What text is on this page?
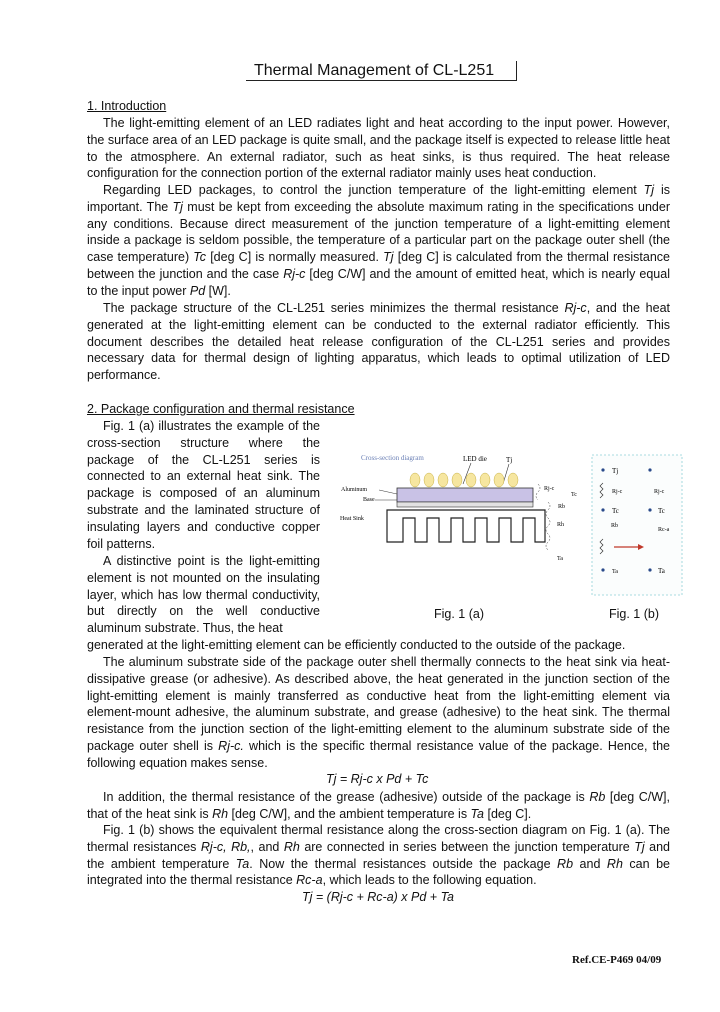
Thermal Management of CL-L251
1. Introduction
The light-emitting element of an LED radiates light and heat according to the input power. However, the surface area of an LED package is quite small, and the package itself is expected to release little heat to the atmosphere. An external radiator, such as heat sinks, is thus required. The heat release configuration for the connection portion of the external radiator mainly uses heat conduction.
Regarding LED packages, to control the junction temperature of the light-emitting element Tj is important. The Tj must be kept from exceeding the absolute maximum rating in the specifications under any conditions. Because direct measurement of the junction temperature of a light-emitting element inside a package is seldom possible, the temperature of a particular part on the package outer shell (the case temperature) Tc [deg C] is normally measured. Tj [deg C] is calculated from the thermal resistance between the junction and the case Rj-c [deg C/W] and the amount of emitted heat, which is nearly equal to the input power Pd [W].
The package structure of the CL-L251 series minimizes the thermal resistance Rj-c, and the heat generated at the light-emitting element can be conducted to the external radiator efficiently. This document describes the detailed heat release configuration of the CL-L251 series and provides necessary data for thermal design of lighting apparatus, which leads to optimal utilization of LED performance.
2. Package configuration and thermal resistance
Fig. 1 (a) illustrates the example of the cross-section structure where the package of the CL-L251 series is connected to an external heat sink. The package is composed of an aluminum substrate and the laminated structure of insulating layers and conductive copper foil patterns.
A distinctive point is the light-emitting element is not mounted on the insulating layer, which has low thermal conductivity, but directly on the well conductive aluminum substrate. Thus, the heat
generated at the light-emitting element can be efficiently conducted to the outside of the package.
Cross-section diagram	LED die	Tj
Aluminum
Base
Heat Sink
Rj-c
Tc
Rb
Rh
Ta
Tj
Rj-c	Rj-c
Tc	Tc
Rb
Rc-a
Ta	Ta
Fig. 1 (a)	Fig. 1 (b)
The aluminum substrate side of the package outer shell thermally connects to the heat sink via heat-dissipative grease (or adhesive). As described above, the heat generated in the junction section of the light-emitting element is mainly transferred as conductive heat from the light-emitting element via element-mount adhesive, the aluminum substrate, and grease (adhesive) to the heat sink. The thermal resistance from the junction section of the light-emitting element to the aluminum substrate side of the package outer shell is Rj-c. which is the specific thermal resistance value of the package. Hence, the following equation makes sense.
Tj = Rj-c x Pd + Tc
In addition, the thermal resistance of the grease (adhesive) outside of the package is Rb [deg C/W], that of the heat sink is Rh [deg C/W], and the ambient temperature is Ta [deg C].
Fig. 1 (b) shows the equivalent thermal resistance along the cross-section diagram on Fig. 1 (a). The thermal resistances Rj-c, Rb,, and Rh are connected in series between the junction temperature Tj and the ambient temperature Ta. Now the thermal resistances outside the package Rb and Rh can be integrated into the thermal resistance Rc-a, which leads to the following equation.
Tj = (Rj-c + Rc-a) x Pd + Ta
Ref.CE-P469 04/09
